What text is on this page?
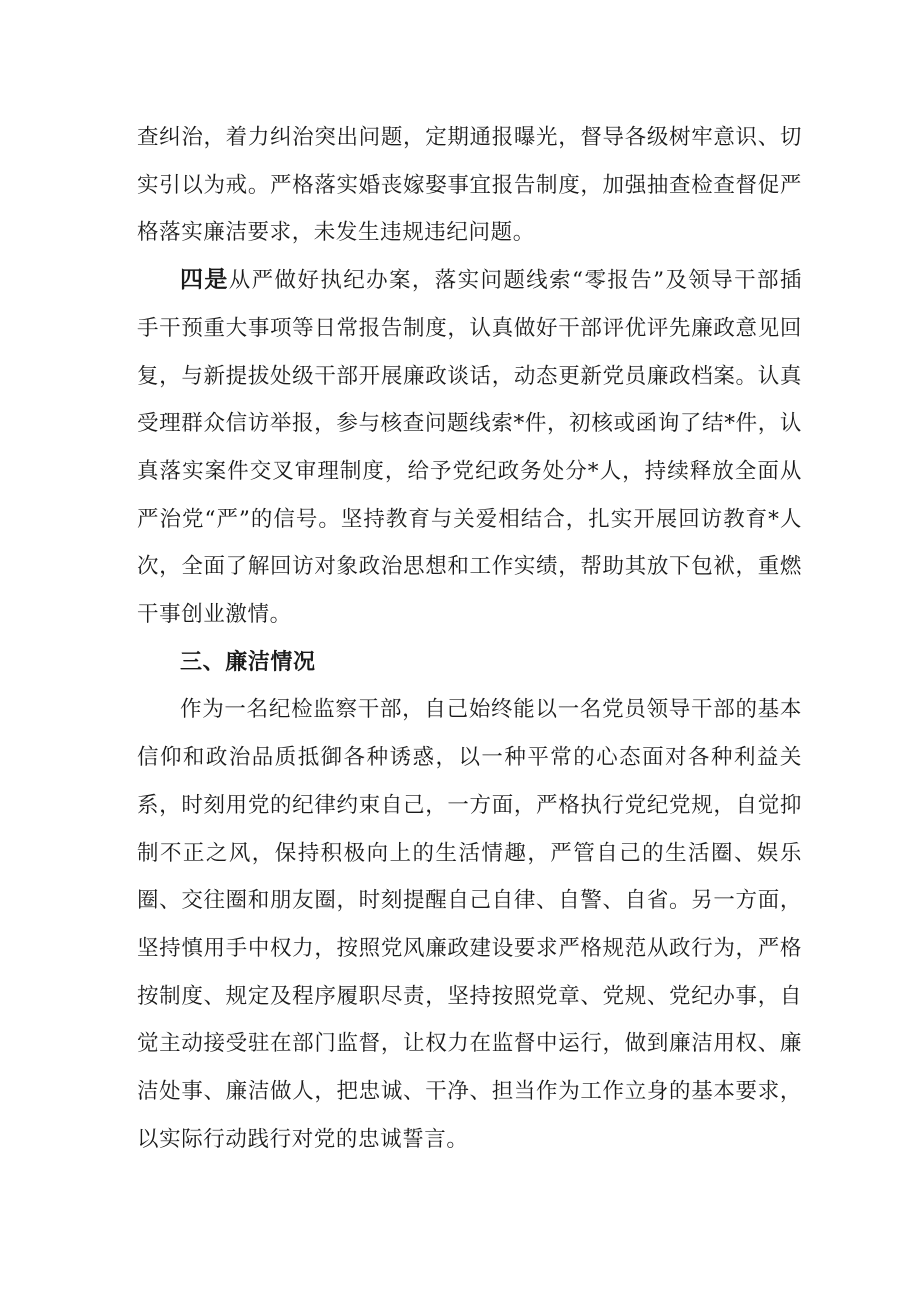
查纠治，着力纠治突出问题，定期通报曝光，督导各级树牢意识、切实引以为戒。严格落实婚丧嫁娶事宜报告制度，加强抽查检查督促严格落实廉洁要求，未发生违规违纪问题。

四是从严做好执纪办案，落实问题线索“零报告”及领导干部插手干预重大事项等日常报告制度，认真做好干部评优评先廉政意见回复，与新提拔处级干部开展廉政谈话，动态更新党员廉政档案。认真受理群众信访举报，参与核查问题线索*件，初核或函询了结*件，认真落实案件交叉审理制度，给予党纪政务处分*人，持续释放全面从严治党“严”的信号。坚持教育与关爱相结合，扎实开展回访教育*人次，全面了解回访对象政治思想和工作实绩，帮助其放下包袱，重燃干事创业激情。

三、廉洁情况

作为一名纪检监察干部，自己始终能以一名党员领导干部的基本信仰和政治品质抵御各种诱惑，以一种平常的心态面对各种利益关系，时刻用党的纪律约束自己，一方面，严格执行党纪党规，自觉抑制不正之风，保持积极向上的生活情趣，严管自己的生活圈、娱乐圈、交往圈和朋友圈，时刻提醒自己自律、自警、自省。另一方面，坚持慎用手中权力，按照党风廉政建设要求严格规范从政行为，严格按制度、规定及程序履职尽责，坚持按照党章、党规、党纪办事，自觉主动接受驻在部门监督，让权力在监督中运行，做到廉洁用权、廉洁处事、廉洁做人，把忠诚、干净、担当作为工作立身的基本要求，以实际行动践行对党的忠诚誓言。
